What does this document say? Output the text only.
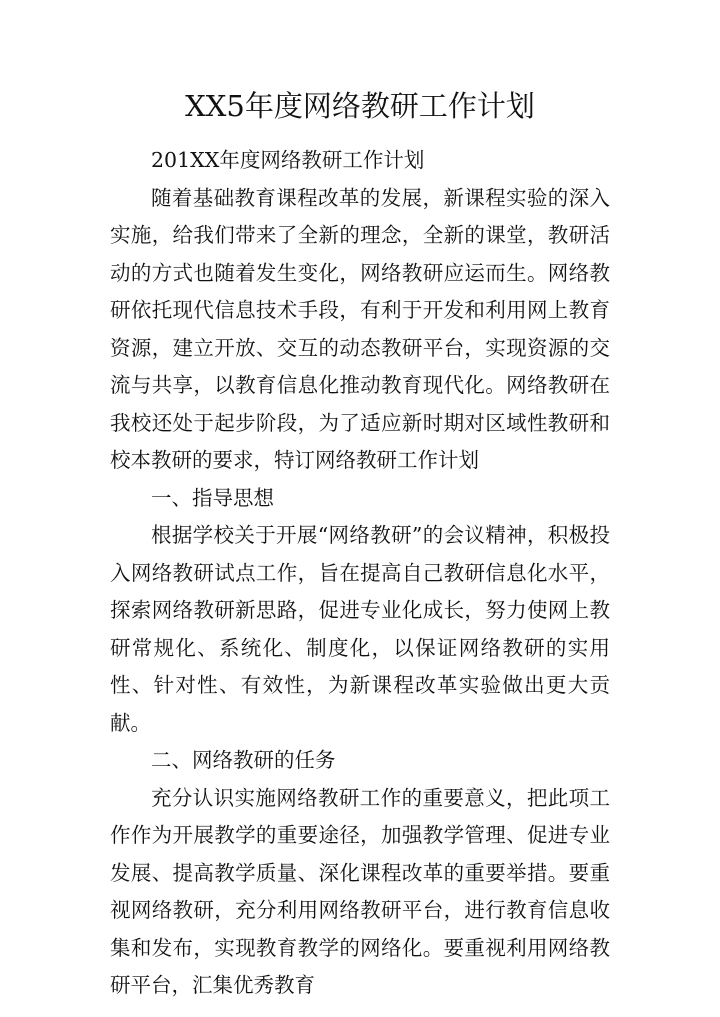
XX5年度网络教研工作计划

201XX年度网络教研工作计划

随着基础教育课程改革的发展，新课程实验的深入实施，给我们带来了全新的理念，全新的课堂，教研活动的方式也随着发生变化，网络教研应运而生。网络教研依托现代信息技术手段，有利于开发和利用网上教育资源，建立开放、交互的动态教研平台，实现资源的交流与共享，以教育信息化推动教育现代化。网络教研在我校还处于起步阶段，为了适应新时期对区域性教研和校本教研的要求，特订网络教研工作计划

一、指导思想

根据学校关于开展“网络教研”的会议精神，积极投入网络教研试点工作，旨在提高自己教研信息化水平，探索网络教研新思路，促进专业化成长，努力使网上教研常规化、系统化、制度化，以保证网络教研的实用性、针对性、有效性，为新课程改革实验做出更大贡献。

二、网络教研的任务

充分认识实施网络教研工作的重要意义，把此项工作作为开展教学的重要途径，加强教学管理、促进专业发展、提高教学质量、深化课程改革的重要举措。要重视网络教研，充分利用网络教研平台，进行教育信息收集和发布，实现教育教学的网络化。要重视利用网络教研平台，汇集优秀教育
